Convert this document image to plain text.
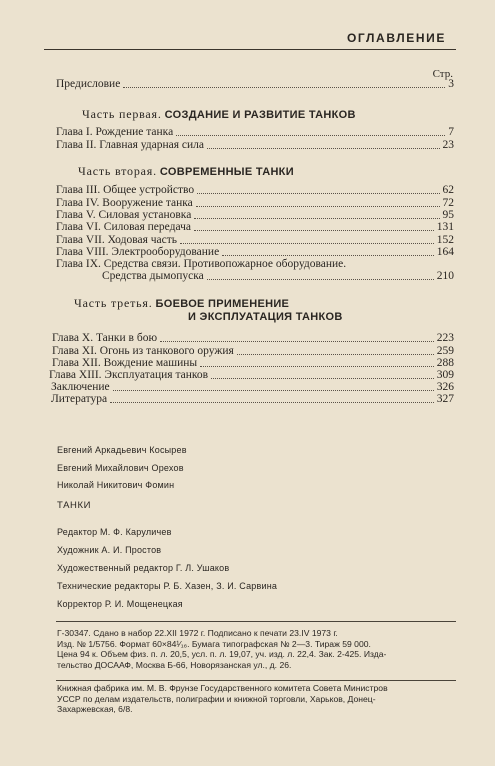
ОГЛАВЛЕНИЕ
Стр.
Предисловие	3
Часть первая. СОЗДАНИЕ И РАЗВИТИЕ ТАНКОВ
Глава I. Рождение танка	7
Глава II. Главная ударная сила	23
Часть вторая. СОВРЕМЕННЫЕ ТАНКИ
Глава III. Общее устройство	62
Глава IV. Вооружение танка	72
Глава V. Силовая установка	95
Глава VI. Силовая передача	131
Глава VII. Ходовая часть	152
Глава VIII. Электрооборудование	164
Глава IX. Средства связи. Противопожарное оборудование.
Средства дымопуска	210
Часть третья. БОЕВОЕ ПРИМЕНЕНИЕ
И ЭКСПЛУАТАЦИЯ ТАНКОВ
Глава X. Танки в бою	223
Глава XI. Огонь из танкового оружия	259
Глава XII. Вождение машины	288
Глава XIII. Эксплуатация танков	309
Заключение	326
Литература	327
Евгений Аркадьевич Косырев
Евгений Михайлович Орехов
Николай Никитович Фомин
ТАНКИ
Редактор М. Ф. Каруличев
Художник А. И. Простов
Художественный редактор Г. Л. Ушаков
Технические редакторы Р. Б. Хазен, З. И. Сарвина
Корректор Р. И. Мощенецкая
Г-30347. Сдано в набор 22.XII 1972 г. Подписано к печати 23.IV 1973 г.
Изд. № 1/5756. Формат 60×84¹⁄₁₆. Бумага типографская № 2—3. Тираж 59 000.
Цена 94 к. Объем физ. п. л. 20,5, усл. п. л. 19,07, уч. изд. л. 22,4. Зак. 2-425. Изда-
тельство ДОСААФ, Москва Б-66, Новорязанская ул., д. 26.
Книжная фабрика им. М. В. Фрунзе Государственного комитета Совета Министров
УССР по делам издательств, полиграфии и книжной торговли, Харьков, Донец-
Захаржевская, 6/8.
